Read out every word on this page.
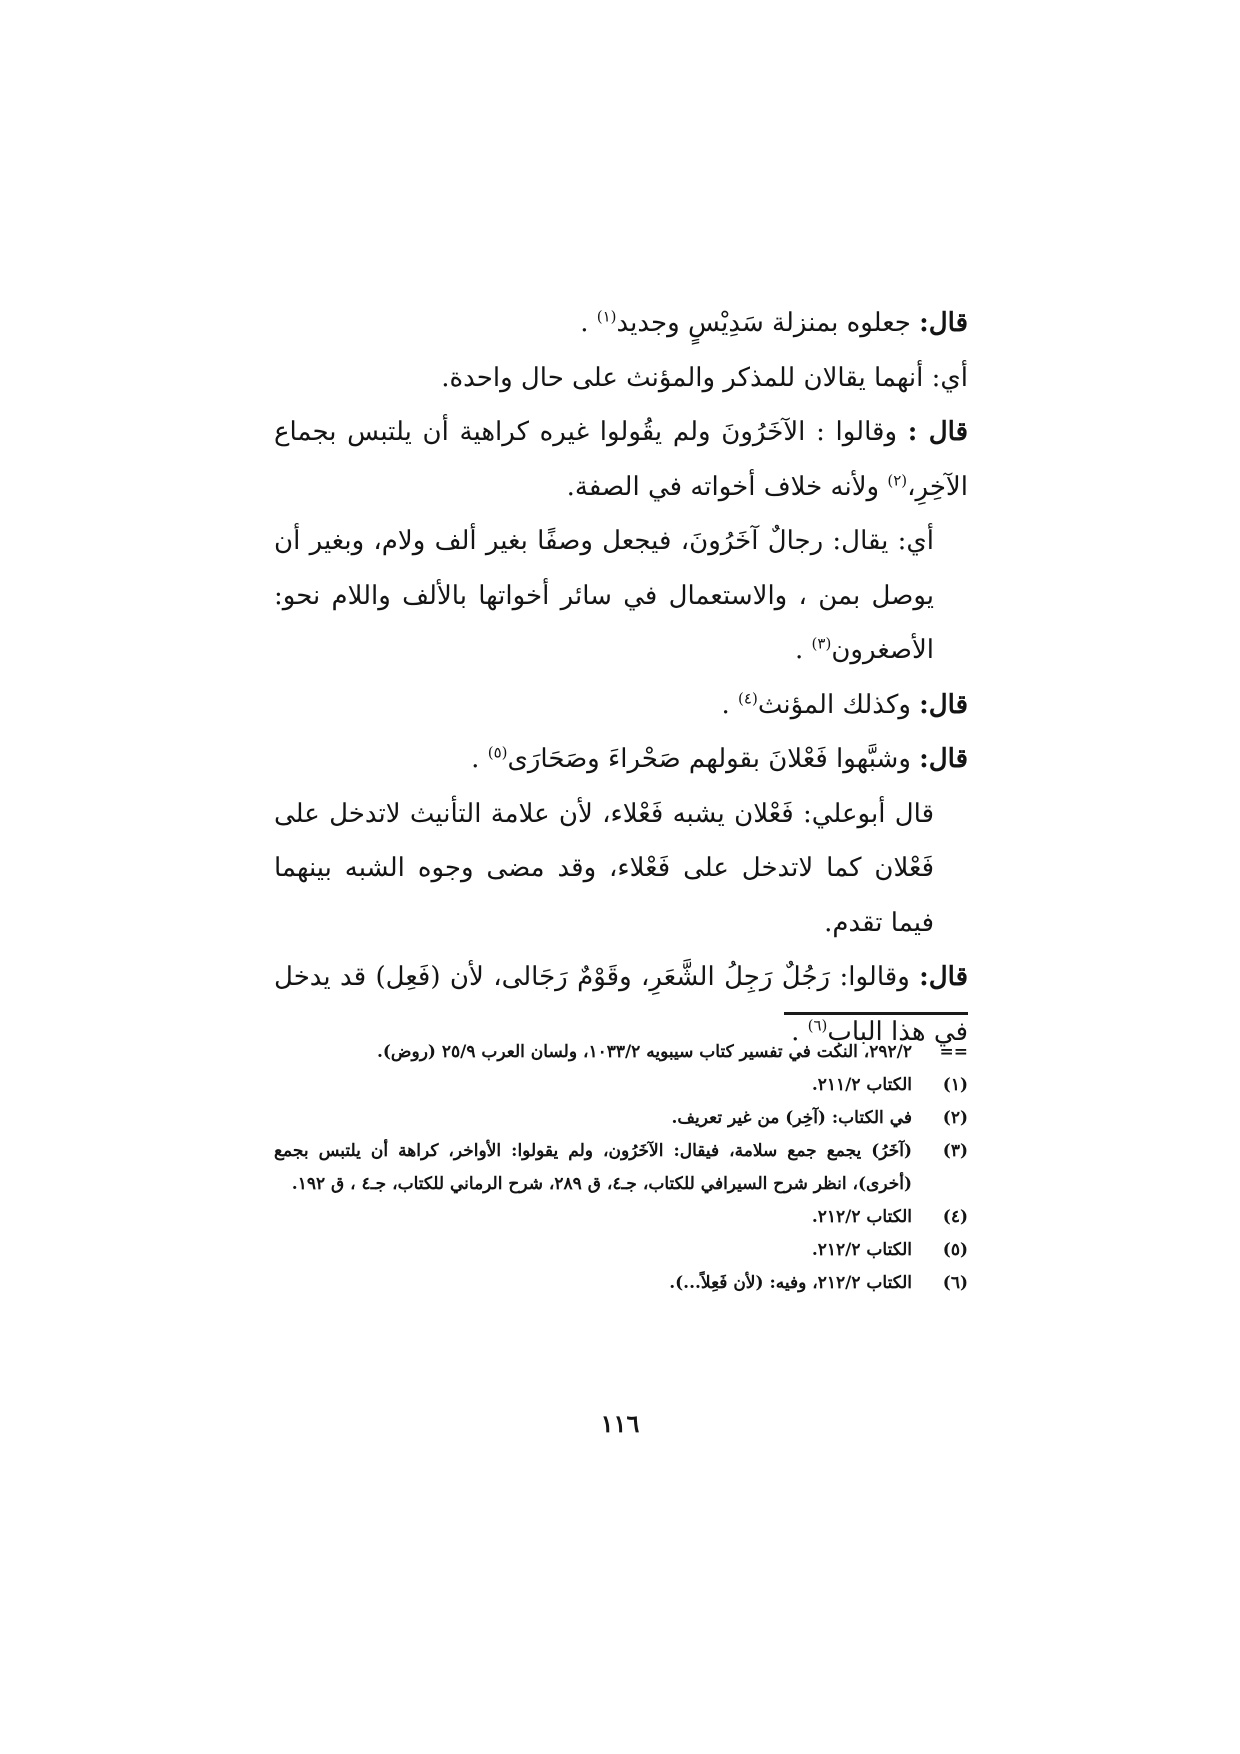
قال: جعلوه بمنزلة سَدِيْسٍ وجديد$^{(١)}$ .

أي: أنهما يقالان للمذكر والمؤنث على حال واحدة.

قال : وقالوا : الآخَرُونَ ولم يقُولوا غيره كراهية أن يلتبس بجماع الآخِرِ،$^{(٢)}$ ولأنه خلاف أخواته في الصفة.

أي: يقال: رجالٌ آخَرُونَ، فيجعل وصفًا بغير ألف ولام، وبغير أن يوصل بمن ، والاستعمال في سائر أخواتها بالألف واللام نحو: الأصغرون$^{(٣)}$ .

قال: وكذلك المؤنث$^{(٤)}$ .

قال: وشبَّهوا فَعْلانَ بقولهم صَحْراءَ وصَحَارَى$^{(٥)}$ .

قال أبوعلي: فَعْلان يشبه فَعْلاء، لأن علامة التأنيث لاتدخل على فَعْلان كما لاتدخل على فَعْلاء، وقد مضى وجوه الشبه بينهما فيما تقدم.

قال: وقالوا: رَجُلٌ رَجِلُ الشَّعَرِ، وقَوْمٌ رَجَالى، لأن (فَعِل) قد يدخل في هذا الباب$^{(٦)}$ .

==
٢٩٢/٢، النكت في تفسير كتاب سيبويه ١٠٣٣/٢، ولسان العرب ٢٥/٩ (روض).
(١)
الكتاب ٢١١/٢.
(٢)
في الكتاب: (آخِر) من غير تعريف.
(٣)
(آخَرُ) يجمع جمع سلامة، فيقال: الآخَرُون، ولم يقولوا: الأواخر، كراهة أن يلتبس بجمع (أخرى)، انظر شرح السيرافي للكتاب، جـ٤، ق ٢٨٩، شرح الرماني للكتاب، جـ٤ ، ق ١٩٢.
(٤)
الكتاب ٢١٢/٢.
(٥)
الكتاب ٢١٢/٢.
(٦)
الكتاب ٢١٢/٢، وفيه: (لأن فَعِلاً...).
١١٦
